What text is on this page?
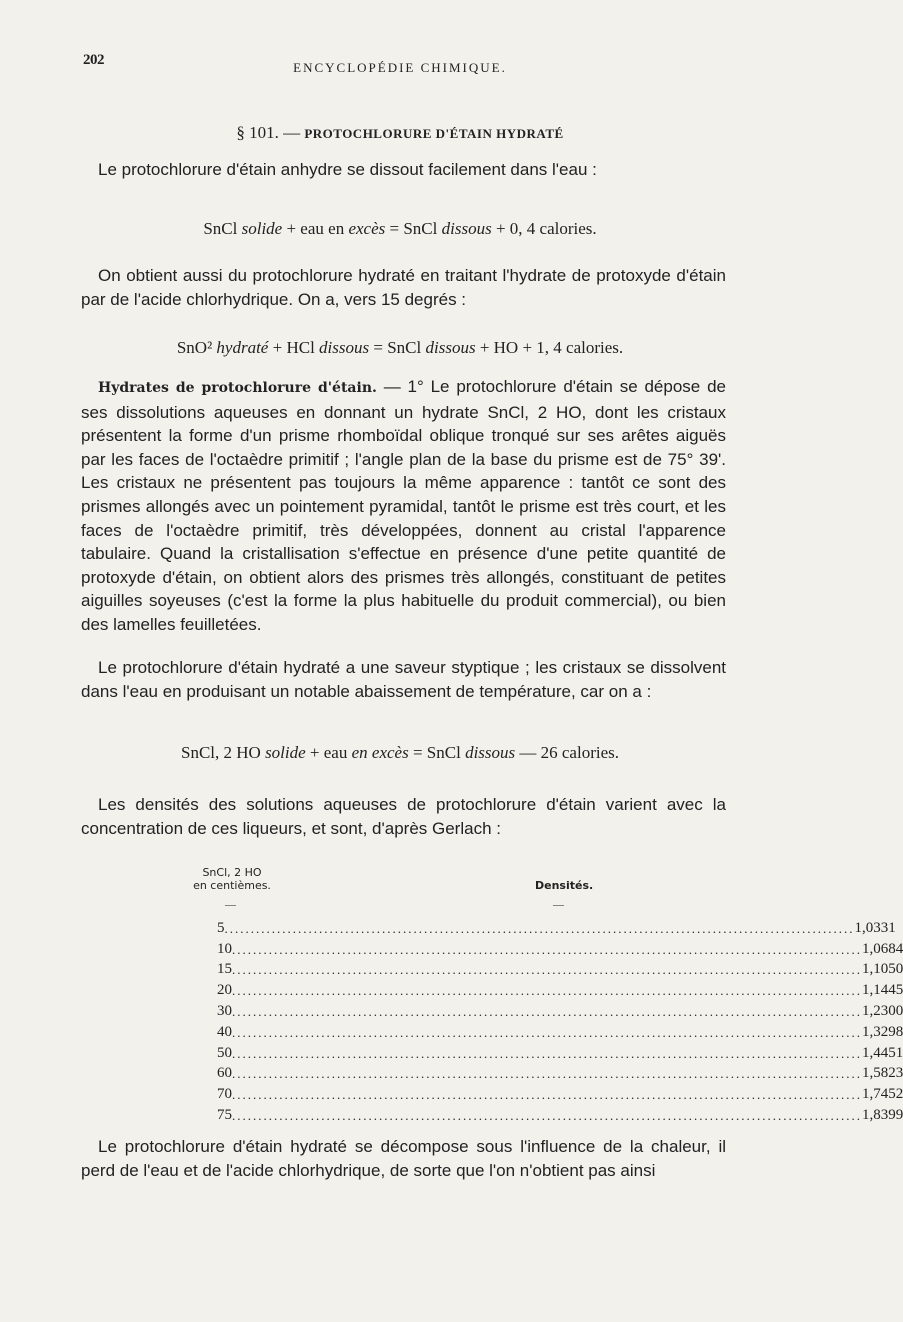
202	ENCYCLOPÉDIE CHIMIQUE.
§ 101. — PROTOCHLORURE D'ÉTAIN HYDRATÉ

Le protochlorure d'étain anhydre se dissout facilement dans l'eau :

SnCl solide + eau en excès = SnCl dissous + 0, 4 calories.

On obtient aussi du protochlorure hydraté en traitant l'hydrate de protoxyde d'étain par de l'acide chlorhydrique. On a, vers 15 degrés :

SnO² hydraté + HCl dissous = SnCl dissous + HO + 1, 4 calories.

Hydrates de protochlorure d'étain. — 1° Le protochlorure d'étain se dépose de ses dissolutions aqueuses en donnant un hydrate SnCl, 2 HO, dont les cristaux présentent la forme d'un prisme rhomboïdal oblique tronqué sur ses arêtes aiguës par les faces de l'octaèdre primitif ; l'angle plan de la base du prisme est de 75° 39'. Les cristaux ne présentent pas toujours la même apparence : tantôt ce sont des prismes allongés avec un pointement pyramidal, tantôt le prisme est très court, et les faces de l'octaèdre primitif, très développées, donnent au cristal l'apparence tabulaire. Quand la cristallisation s'effectue en présence d'une petite quantité de protoxyde d'étain, on obtient alors des prismes très allongés, constituant de petites aiguilles soyeuses (c'est la forme la plus habituelle du produit commercial), ou bien des lamelles feuilletées.

Le protochlorure d'étain hydraté a une saveur styptique ; les cristaux se dissolvent dans l'eau en produisant un notable abaissement de température, car on a :

SnCl, 2 HO solide + eau en excès = SnCl dissous — 26 calories.

Les densités des solutions aqueuses de protochlorure d'étain varient avec la concentration de ces liqueurs, et sont, d'après Gerlach :

SnCl, 2 HO
en centièmes.	Densités.
—	—
5 ........................................................................................................................ 1,0331
10 ........................................................................................................................ 1,0684
15 ........................................................................................................................ 1,1050
20 ........................................................................................................................ 1,1445
30 ........................................................................................................................ 1,2300
40 ........................................................................................................................ 1,3298
50 ........................................................................................................................ 1,4451
60 ........................................................................................................................ 1,5823
70 ........................................................................................................................ 1,7452
75 ........................................................................................................................ 1,8399

Le protochlorure d'étain hydraté se décompose sous l'influence de la chaleur, il perd de l'eau et de l'acide chlorhydrique, de sorte que l'on n'obtient pas ainsi
